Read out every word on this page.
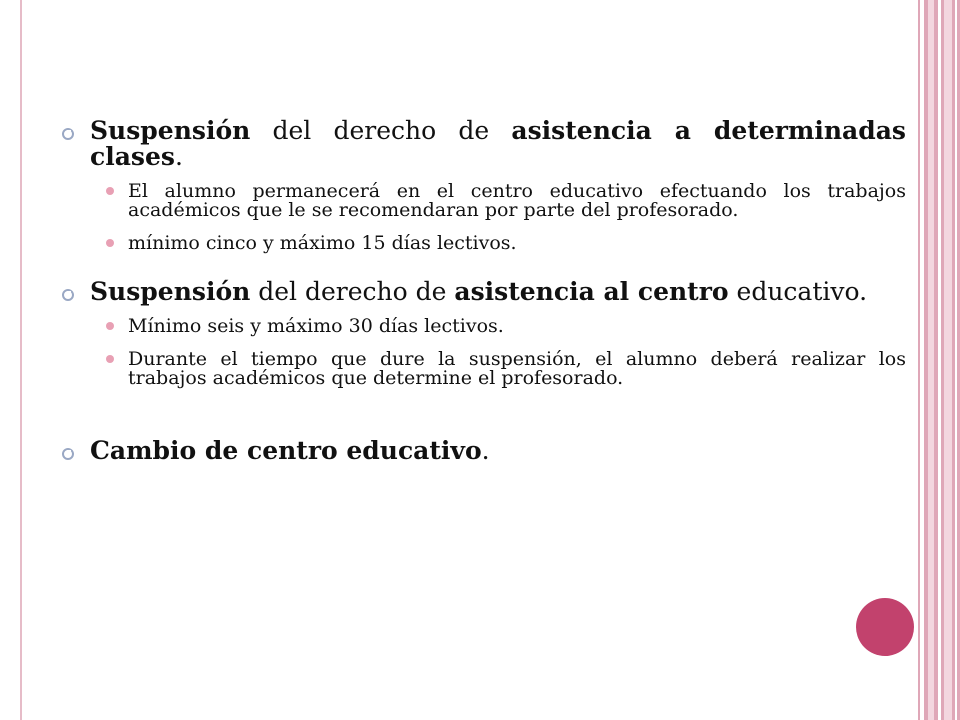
Suspensión del derecho de asistencia a determinadas clases.
El alumno permanecerá en el centro educativo efectuando los trabajos académicos que le se recomendaran por parte del profesorado.
mínimo cinco y máximo 15 días lectivos.
Suspensión del derecho de asistencia al centro educativo.
Mínimo seis y máximo 30 días lectivos.
Durante el tiempo que dure la suspensión, el alumno deberá realizar los trabajos académicos que determine el profesorado.
Cambio de centro educativo.
